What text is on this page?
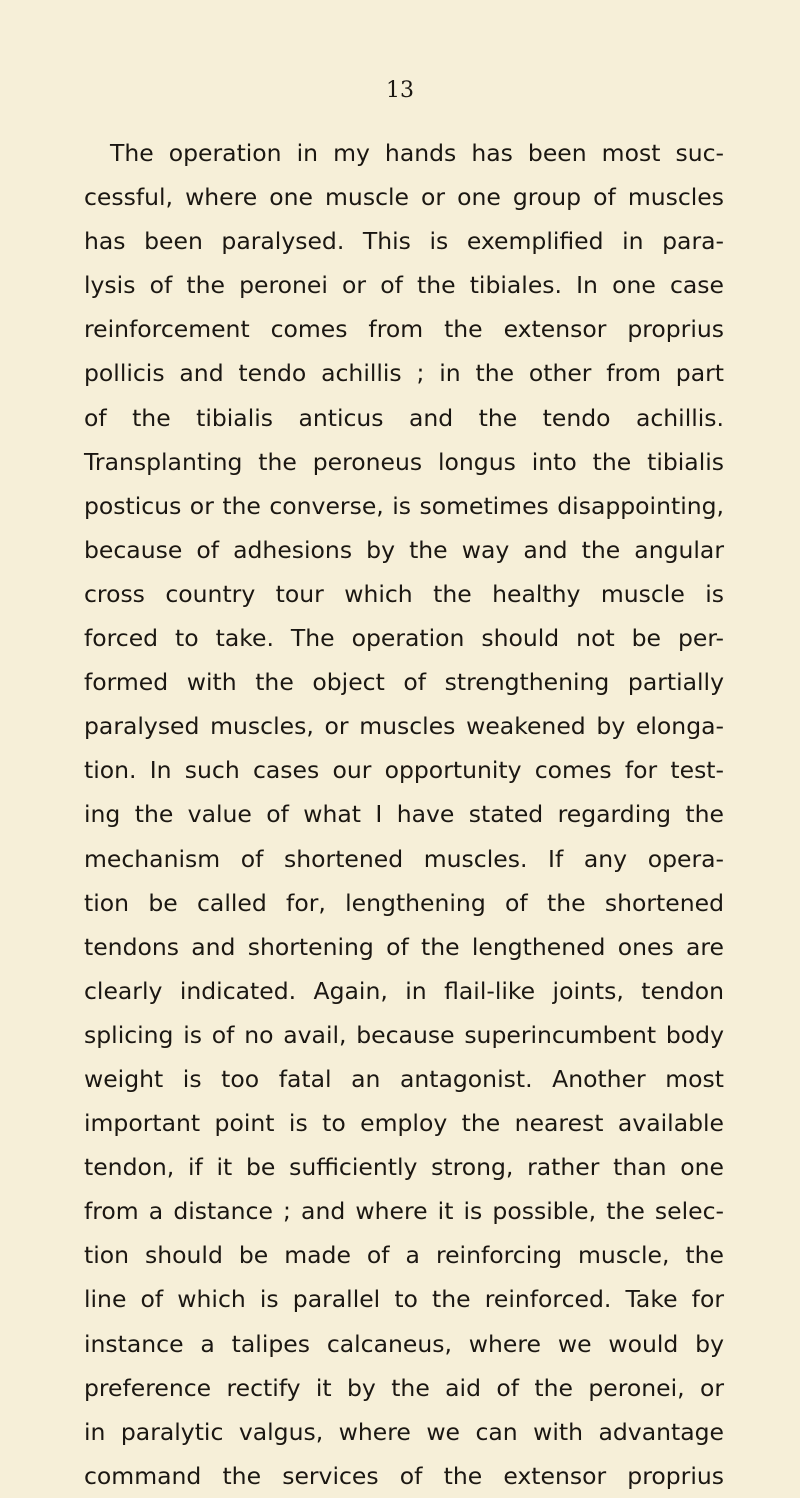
13
The operation in my hands has been most suc-
cessful, where one muscle or one group of muscles
has been paralysed. This is exemplified in para-
lysis of the peronei or of the tibiales. In one case
reinforcement comes from the extensor proprius
pollicis and tendo achillis ; in the other from part
of the tibialis anticus and the tendo achillis.
Transplanting the peroneus longus into the tibialis
posticus or the converse, is sometimes disappointing,
because of adhesions by the way and the angular
cross country tour which the healthy muscle is
forced to take. The operation should not be per-
formed with the object of strengthening partially
paralysed muscles, or muscles weakened by elonga-
tion. In such cases our opportunity comes for test-
ing the value of what I have stated regarding the
mechanism of shortened muscles. If any opera-
tion be called for, lengthening of the shortened
tendons and shortening of the lengthened ones are
clearly indicated. Again, in flail-like joints, tendon
splicing is of no avail, because superincumbent body
weight is too fatal an antagonist. Another most
important point is to employ the nearest available
tendon, if it be sufficiently strong, rather than one
from a distance ; and where it is possible, the selec-
tion should be made of a reinforcing muscle, the
line of which is parallel to the reinforced. Take for
instance a talipes calcaneus, where we would by
preference rectify it by the aid of the peronei, or
in paralytic valgus, where we can with advantage
command the services of the extensor proprius
